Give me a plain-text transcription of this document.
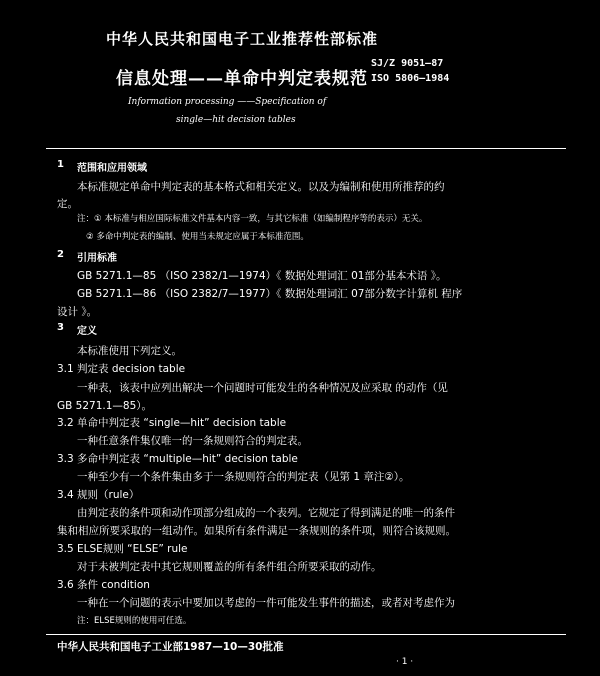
中华人民共和国电子工业推荐性部标准
信息处理——单命中判定表规范
SJ/Z 9051—87
ISO 5806—1984
Information processing ——Specification of
single—hit decision tables
1 范围和应用领域
本标准规定单命中判定表的基本格式和相关定义。以及为编制和使用所推荐的约
定。
注：① 本标准与相应国际标准文件基本内容一致，与其它标准（如编制程序等的表示）无关。
② 多命中判定表的编制、使用当未规定应属于本标准范围。
2 引用标准
GB 5271.1—85 （ISO 2382/1—1974）《 数据处理词汇 01部分基本术语 》。
GB 5271.1—86 （ISO 2382/7—1977）《 数据处理词汇 07部分数字计算机 程序
设计 》。
3 定义
本标准使用下列定义。
3.1 判定表 decision table
一种表，该表中应列出解决一个问题时可能发生的各种情况及应采取 的动作（见
GB 5271.1—85）。
3.2 单命中判定表 “single—hit” decision table
一种任意条件集仅唯一的一条规则符合的判定表。
3.3 多命中判定表 “multiple—hit” decision table
一种至少有一个条件集由多于一条规则符合的判定表（见第 1 章注②）。
3.4 规则（rule）
由判定表的条件项和动作项部分组成的一个表列。它规定了得到满足的唯一的条件
集和相应所要采取的一组动作。如果所有条件满足一条规则的条件项，则符合该规则。
3.5 ELSE规则 “ELSE” rule
对于未被判定表中其它规则覆盖的所有条件组合所要采取的动作。
3.6 条件 condition
一种在一个问题的表示中要加以考虑的一件可能发生事件的描述，或者对考虑作为
注：ELSE规则的使用可任选。
中华人民共和国电子工业部1987—10—30批准
· 1 ·
